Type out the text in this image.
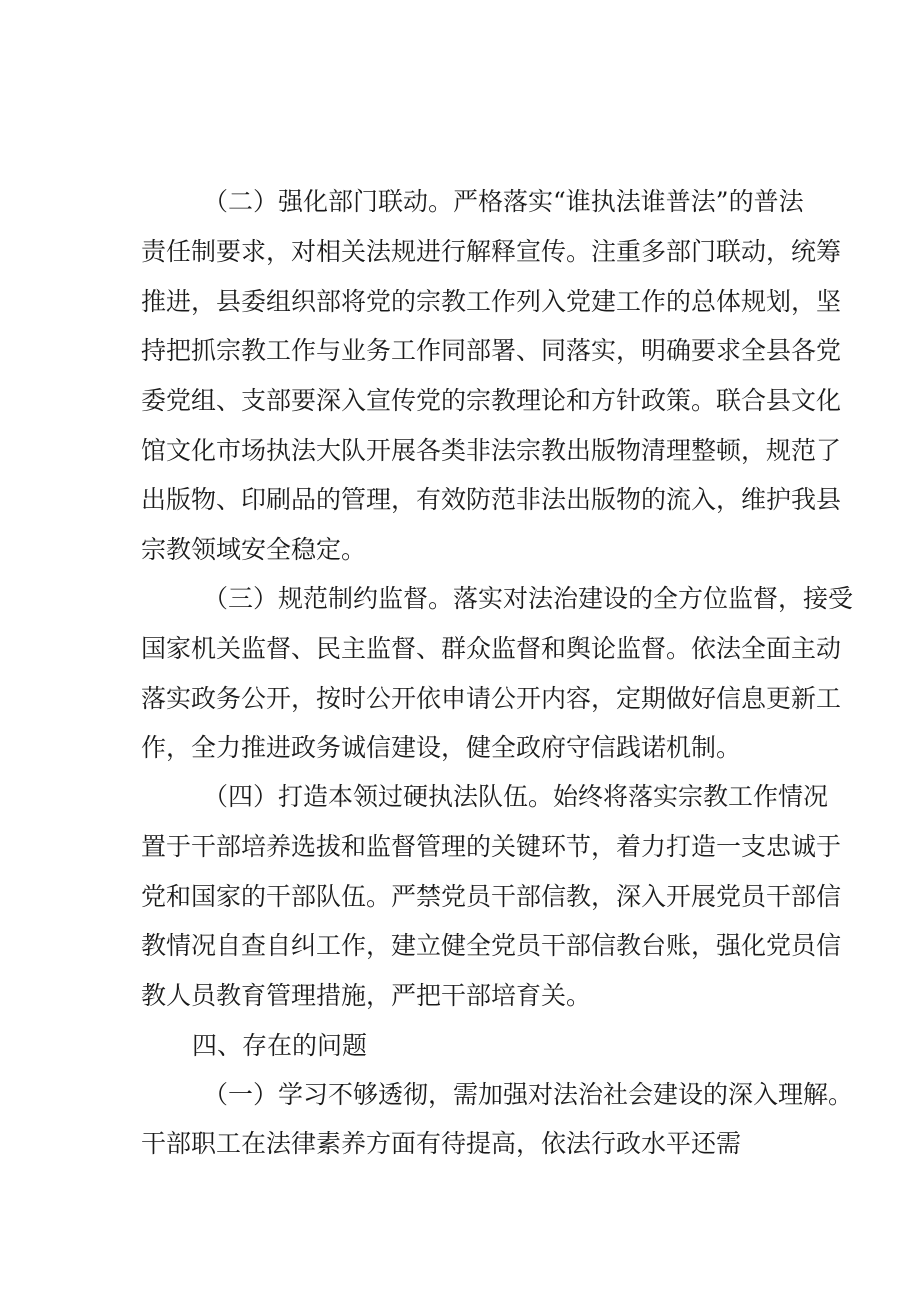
（二）强化部门联动。严格落实“谁执法谁普法”的普法

责任制要求，对相关法规进行解释宣传。注重多部门联动，统筹

推进，县委组织部将党的宗教工作列入党建工作的总体规划，坚

持把抓宗教工作与业务工作同部署、同落实，明确要求全县各党

委党组、支部要深入宣传党的宗教理论和方针政策。联合县文化

馆文化市场执法大队开展各类非法宗教出版物清理整顿，规范了

出版物、印刷品的管理，有效防范非法出版物的流入，维护我县

宗教领域安全稳定。

（三）规范制约监督。落实对法治建设的全方位监督，接受

国家机关监督、民主监督、群众监督和舆论监督。依法全面主动

落实政务公开，按时公开依申请公开内容，定期做好信息更新工

作，全力推进政务诚信建设，健全政府守信践诺机制。

（四）打造本领过硬执法队伍。始终将落实宗教工作情况

置于干部培养选拔和监督管理的关键环节，着力打造一支忠诚于

党和国家的干部队伍。严禁党员干部信教，深入开展党员干部信

教情况自查自纠工作，建立健全党员干部信教台账，强化党员信

教人员教育管理措施，严把干部培育关。

四、存在的问题

（一）学习不够透彻，需加强对法治社会建设的深入理解。

干部职工在法律素养方面有待提高，依法行政水平还需
